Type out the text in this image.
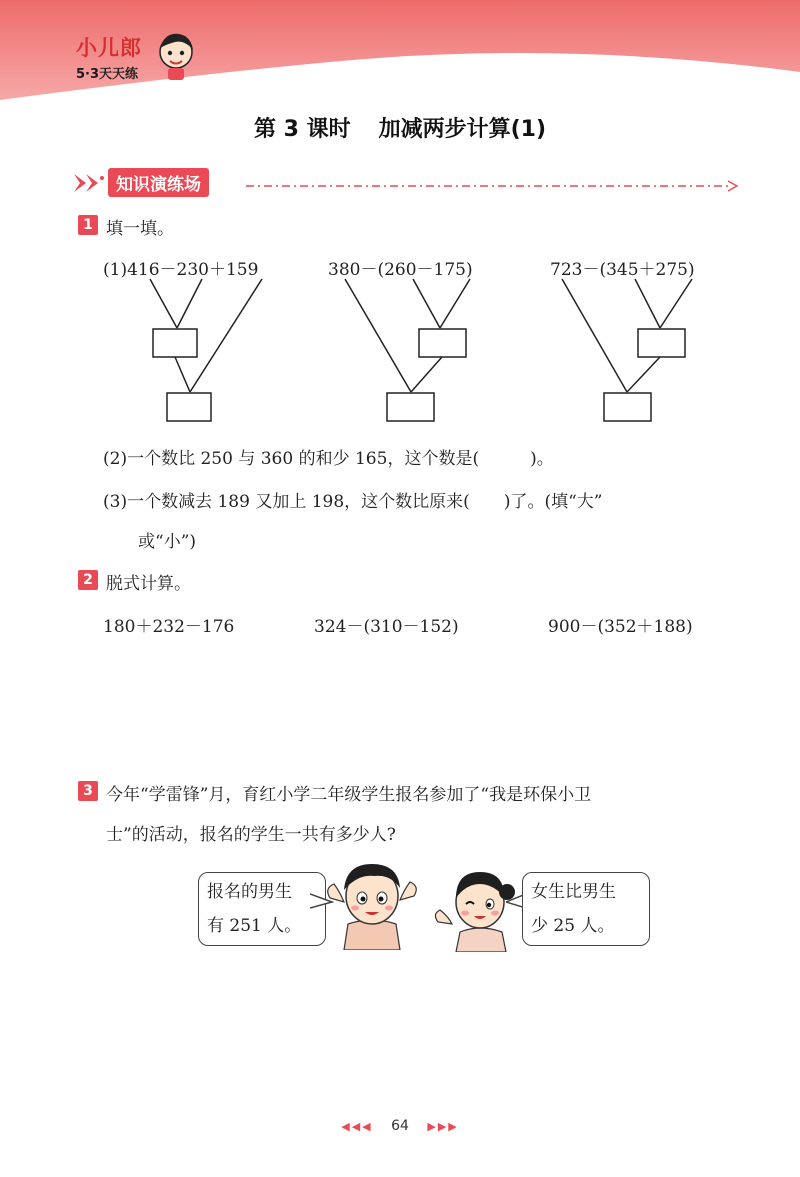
小儿郎
5·3天天练
第 3 课时 加减两步计算(1)
知识演练场
1 填一填。
(1)416－230＋159	380－(260－175)	723－(345＋275)
(2)一个数比 250 与 360 的和少 165，这个数是(　　　)。
(3)一个数减去 189 又加上 198，这个数比原来(　　)了。(填“大”
或“小”)
2 脱式计算。
180＋232－176	324－(310－152)	900－(352＋188)
3 今年“学雷锋”月，育红小学二年级学生报名参加了“我是环保小卫
士”的活动，报名的学生一共有多少人?
报名的男生
有 251 人。
女生比男生
少 25 人。
◀◀◀ 64 ▶▶▶
